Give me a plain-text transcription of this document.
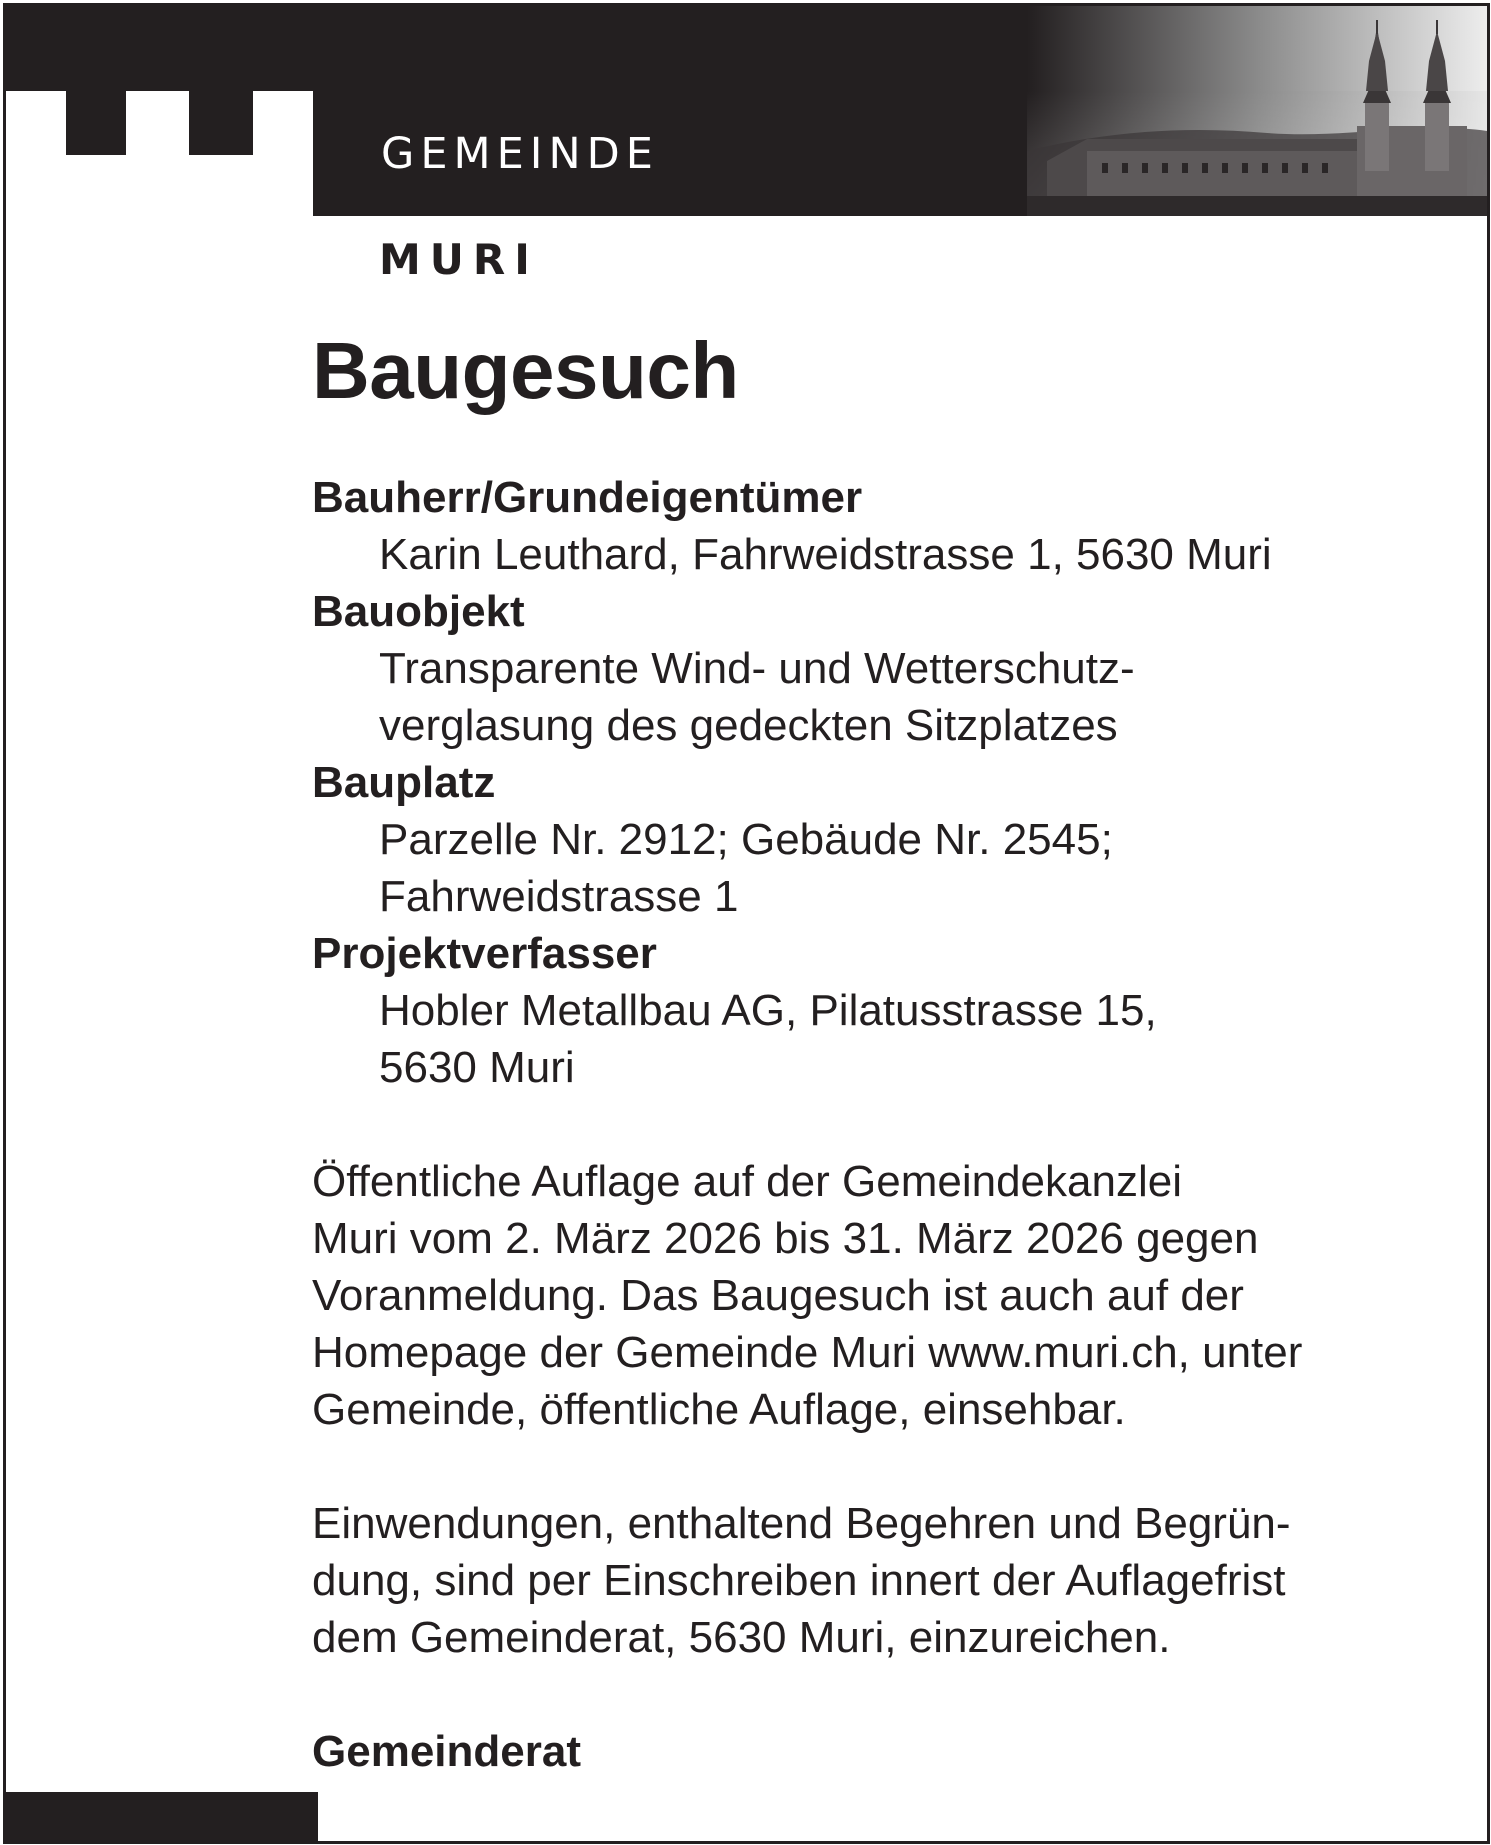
GEMEINDE
MURI
Baugesuch
Bauherr/Grundeigentümer
Karin Leuthard, Fahrweidstrasse 1, 5630 Muri
Bauobjekt
Transparente Wind- und Wetterschutz-
verglasung des gedeckten Sitzplatzes
Bauplatz
Parzelle Nr. 2912; Gebäude Nr. 2545;
Fahrweidstrasse 1
Projektverfasser
Hobler Metallbau AG, Pilatusstrasse 15,
5630 Muri
Öffentliche Auflage auf der Gemeindekanzlei
Muri vom 2. März 2026 bis 31. März 2026 gegen
Voranmeldung. Das Baugesuch ist auch auf der
Homepage der Gemeinde Muri www.muri.ch, unter
Gemeinde, öffentliche Auflage, einsehbar.
Einwendungen, enthaltend Begehren und Begrün-
dung, sind per Einschreiben innert der Auflagefrist
dem Gemeinderat, 5630 Muri, einzureichen.
Gemeinderat
